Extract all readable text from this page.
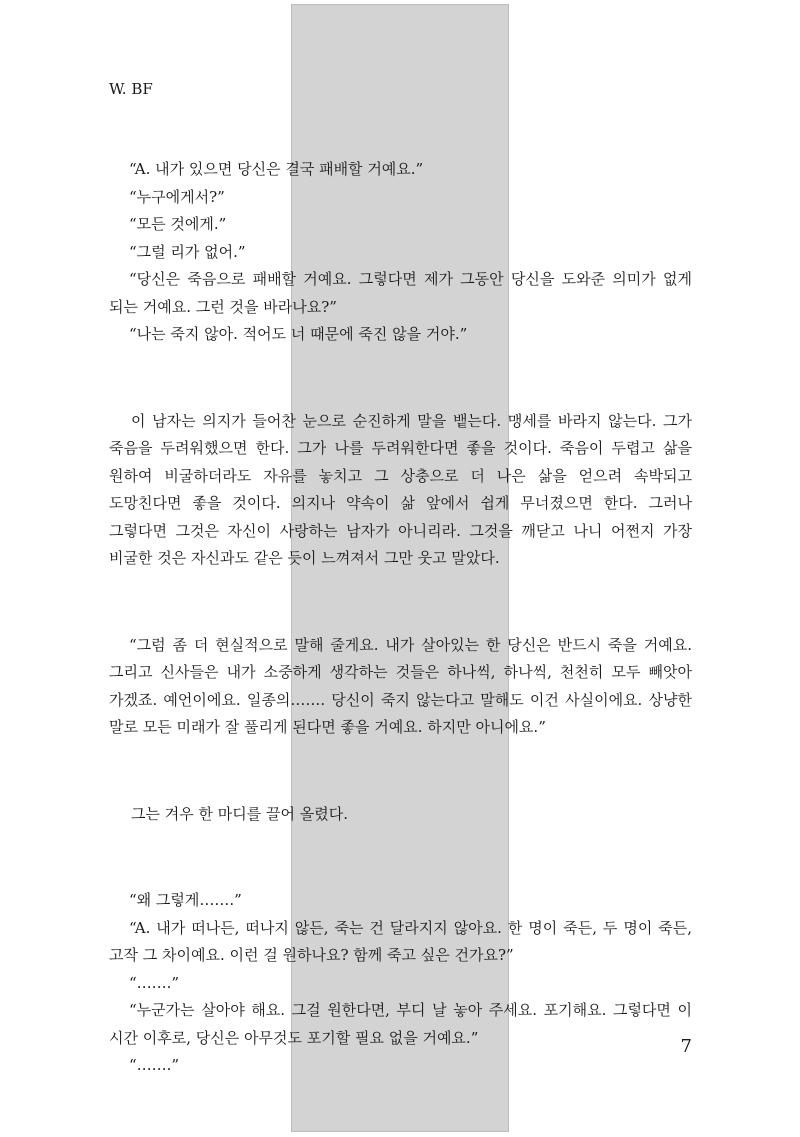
W. BF

“A. 내가 있으면 당신은 결국 패배할 거예요.”

“누구에게서?”

“모든 것에게.”

“그럴 리가 없어.”

“당신은 죽음으로 패배할 거예요. 그렇다면 제가 그동안 당신을 도와준 의미가 없게 되는 거예요. 그런 것을 바라나요?”

“나는 죽지 않아. 적어도 너 때문에 죽진 않을 거야.”

이 남자는 의지가 들어찬 눈으로 순진하게 말을 뱉는다. 맹세를 바라지 않는다. 그가 죽음을 두려워했으면 한다. 그가 나를 두려워한다면 좋을 것이다. 죽음이 두렵고 삶을 원하여 비굴하더라도 자유를 놓치고 그 상충으로 더 나은 삶을 얻으려 속박되고 도망친다면 좋을 것이다. 의지나 약속이 삶 앞에서 쉽게 무너졌으면 한다. 그러나 그렇다면 그것은 자신이 사랑하는 남자가 아니리라. 그것을 깨닫고 나니 어쩐지 가장 비굴한 것은 자신과도 같은 듯이 느껴져서 그만 웃고 말았다.

“그럼 좀 더 현실적으로 말해 줄게요. 내가 살아있는 한 당신은 반드시 죽을 거예요. 그리고 신사들은 내가 소중하게 생각하는 것들은 하나씩, 하나씩, 천천히 모두 빼앗아 가겠죠. 예언이에요. 일종의……. 당신이 죽지 않는다고 말해도 이건 사실이에요. 상냥한 말로 모든 미래가 잘 풀리게 된다면 좋을 거예요. 하지만 아니에요.”

그는 겨우 한 마디를 끌어 올렸다.

“왜 그렇게…….”

“A. 내가 떠나든, 떠나지 않든, 죽는 건 달라지지 않아요. 한 명이 죽든, 두 명이 죽든, 고작 그 차이예요. 이런 걸 원하나요? 함께 죽고 싶은 건가요?”

“…….”

“누군가는 살아야 해요. 그걸 원한다면, 부디 날 놓아 주세요. 포기해요. 그렇다면 이 시간 이후로, 당신은 아무것도 포기할 필요 없을 거예요.”

“…….”

7
